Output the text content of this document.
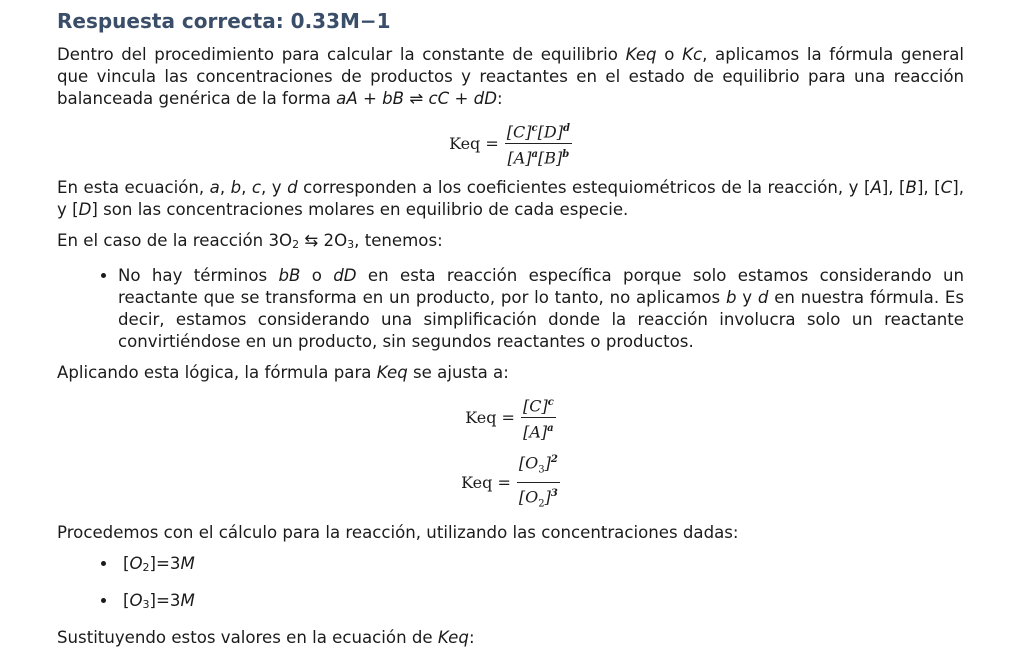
Respuesta correcta: 0.33M−1

Dentro del procedimiento para calcular la constante de equilibrio Keq o Kc, aplicamos la fórmula general que vincula las concentraciones de productos y reactantes en el estado de equilibrio para una reacción balanceada genérica de la forma aA + bB ⇌ cC + dD:

Keq = $\frac{[C]^c[D]^d}{[A]^a[B]^b}$

En esta ecuación, a, b, c, y d corresponden a los coeficientes estequiométricos de la reacción, y [A], [B], [C], y [D] son las concentraciones molares en equilibrio de cada especie.

En el caso de la reacción $3O_2$ ⇆ $2O_3$, tenemos:

• No hay términos bB o dD en esta reacción específica porque solo estamos considerando un reactante que se transforma en un producto, por lo tanto, no aplicamos b y d en nuestra fórmula. Es decir, estamos considerando una simplificación donde la reacción involucra solo un reactante convirtiéndose en un producto, sin segundos reactantes o productos.

Aplicando esta lógica, la fórmula para Keq se ajusta a:

Keq = $\frac{[C]^c}{[A]^a}$
Keq = $\frac{[O_3]^2}{[O_2]^3}$

Procedemos con el cálculo para la reacción, utilizando las concentraciones dadas:

• $[O_2]=3M$
• $[O_3]=3M$

Sustituyendo estos valores en la ecuación de Keq:
